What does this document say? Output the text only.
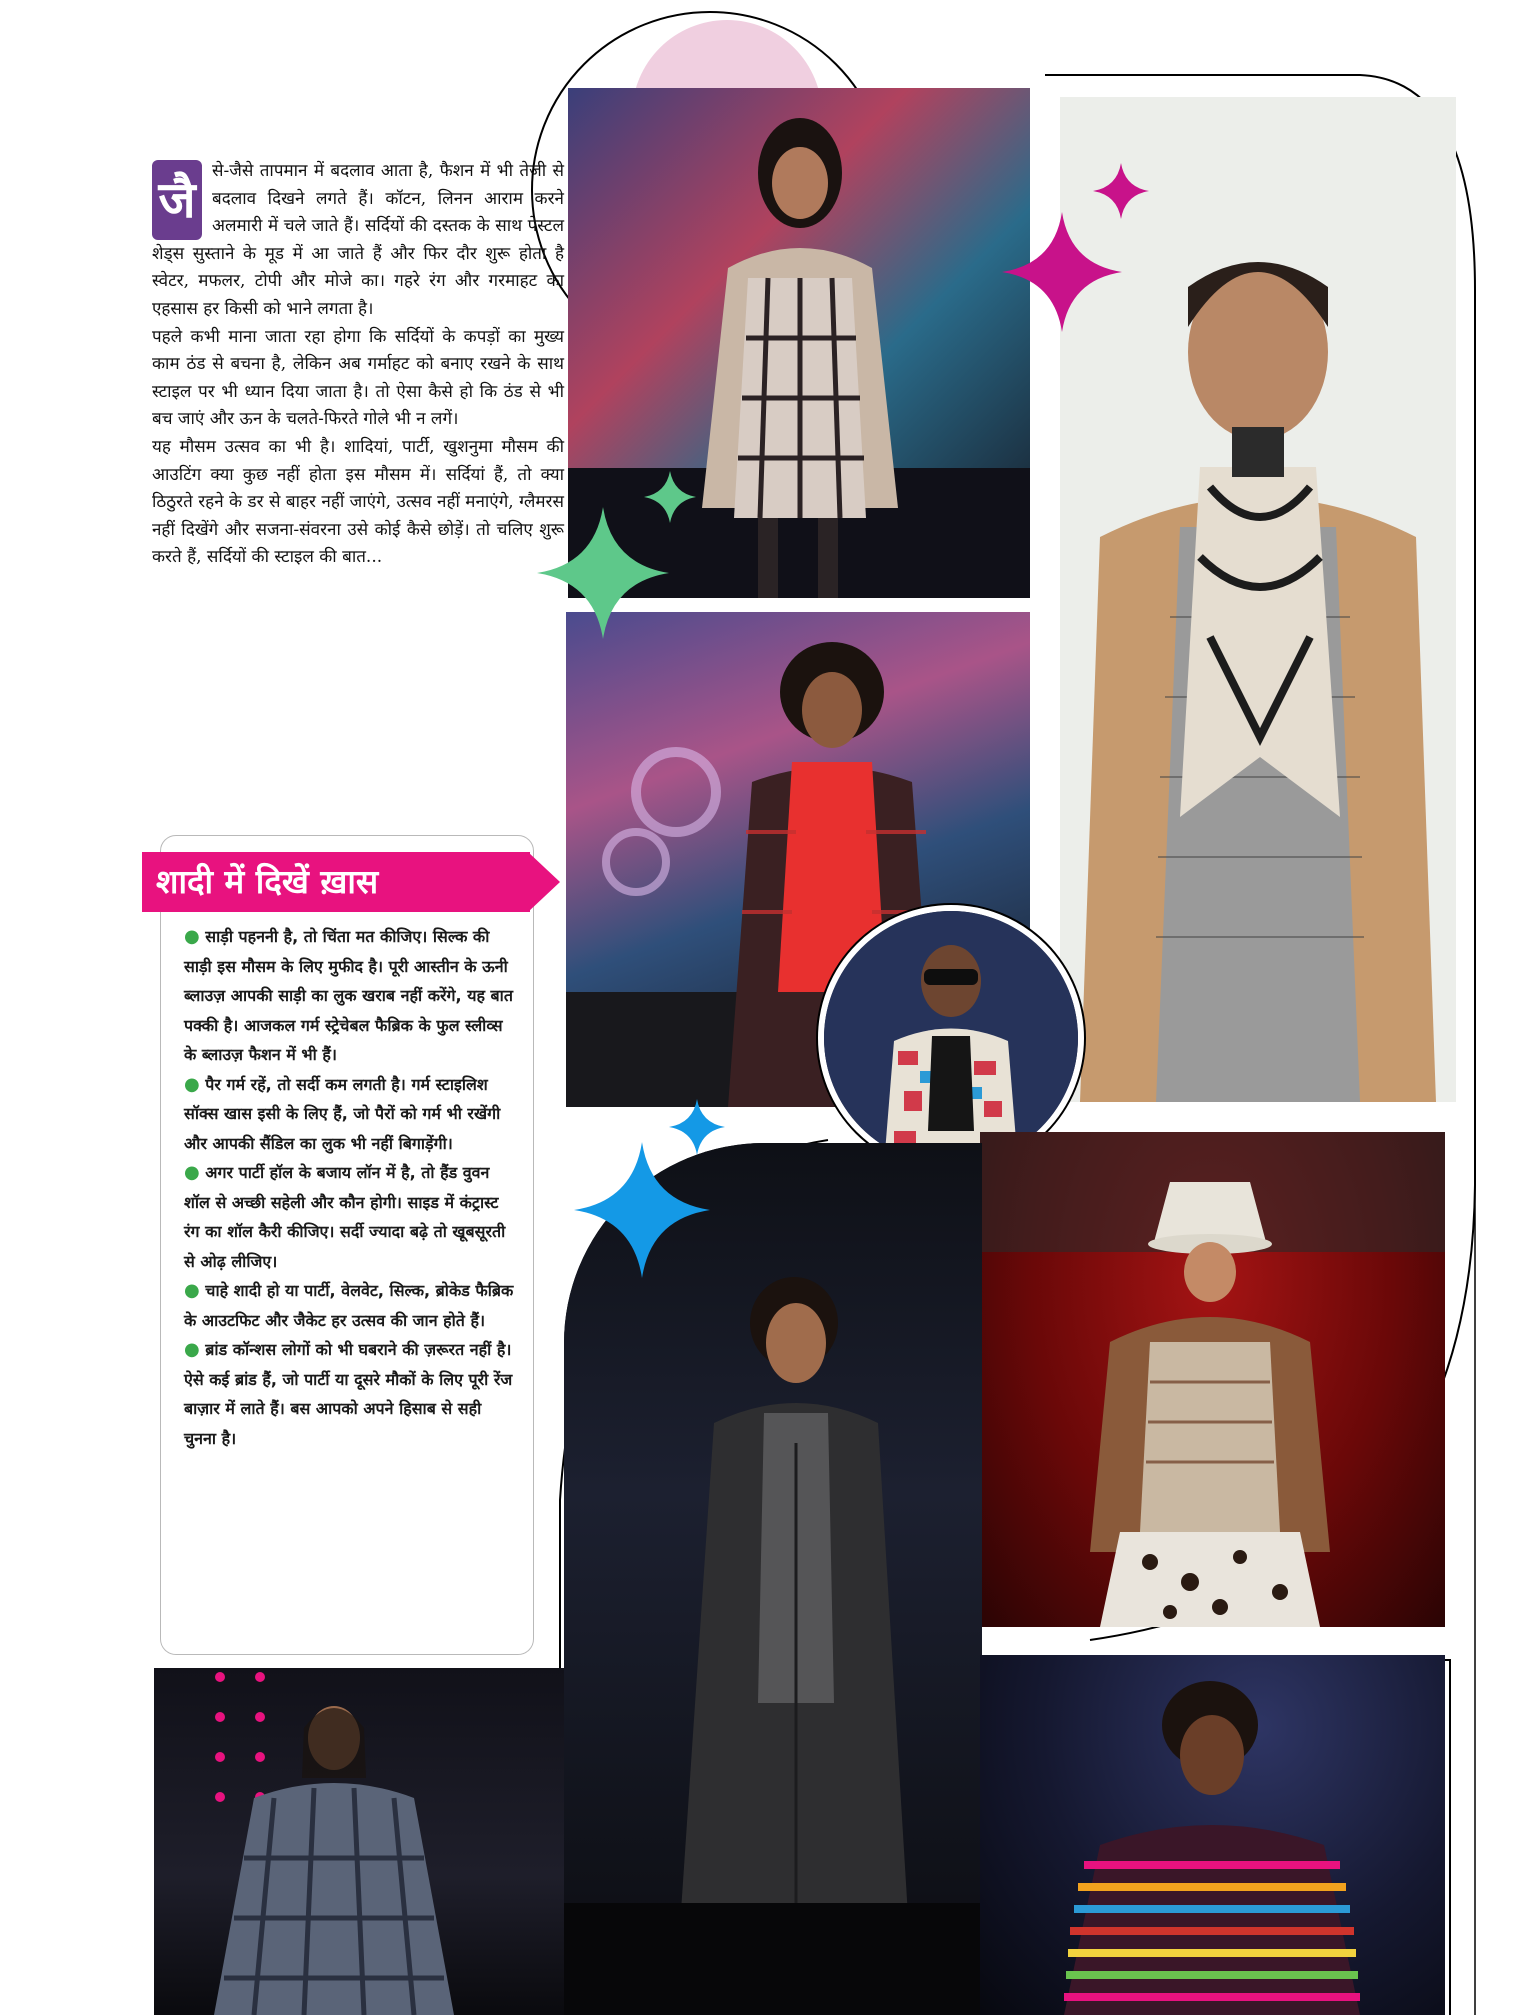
जै से-जैसे तापमान में बदलाव आता है, फैशन में भी तेजी से बदलाव दिखने लगते हैं। कॉटन, लिनन आराम करने अलमारी में चले जाते हैं। सर्दियों की दस्तक के साथ पेस्टल शेड्स सुस्ताने के मूड में आ जाते हैं और फिर दौर शुरू होता है स्वेटर, मफलर, टोपी और मोजे का। गहरे रंग और गरमाहट का एहसास हर किसी को भाने लगता है।

पहले कभी माना जाता रहा होगा कि सर्दियों के कपड़ों का मुख्य काम ठंड से बचना है, लेकिन अब गर्माहट को बनाए रखने के साथ स्टाइल पर भी ध्यान दिया जाता है। तो ऐसा कैसे हो कि ठंड से भी बच जाएं और ऊन के चलते-फिरते गोले भी न लगें।

यह मौसम उत्सव का भी है। शादियां, पार्टी, खुशनुमा मौसम की आउटिंग क्या कुछ नहीं होता इस मौसम में। सर्दियां हैं, तो क्या ठिठुरते रहने के डर से बाहर नहीं जाएंगे, उत्सव नहीं मनाएंगे, ग्लैमरस नहीं दिखेंगे और सजना-संवरना उसे कोई कैसे छोड़ें। तो चलिए शुरू करते हैं, सर्दियों की स्टाइल की बात...

शादी में दिखें ख़ास

● साड़ी पहननी है, तो चिंता मत कीजिए। सिल्क की साड़ी इस मौसम के लिए मुफीद है। पूरी आस्तीन के ऊनी ब्लाउज़ आपकी साड़ी का लुक खराब नहीं करेंगे, यह बात पक्की है। आजकल गर्म स्ट्रेचेबल फैब्रिक के फुल स्लीव्स के ब्लाउज़ फैशन में भी हैं।

● पैर गर्म रहें, तो सर्दी कम लगती है। गर्म स्टाइलिश सॉक्स खास इसी के लिए हैं, जो पैरों को गर्म भी रखेंगी और आपकी सैंडिल का लुक भी नहीं बिगाड़ेंगी।

● अगर पार्टी हॉल के बजाय लॉन में है, तो हैंड वुवन शॉल से अच्छी सहेली और कौन होगी। साइड में कंट्रास्ट रंग का शॉल कैरी कीजिए। सर्दी ज्यादा बढ़े तो खूबसूरती से ओढ़ लीजिए।

● चाहे शादी हो या पार्टी, वेलवेट, सिल्क, ब्रोकेड फैब्रिक के आउटफिट और जैकेट हर उत्सव की जान होते हैं।

● ब्रांड कॉन्शस लोगों को भी घबराने की ज़रूरत नहीं है। ऐसे कई ब्रांड हैं, जो पार्टी या दूसरे मौकों के लिए पूरी रेंज बाज़ार में लाते हैं। बस आपको अपने हिसाब से सही चुनना है।
